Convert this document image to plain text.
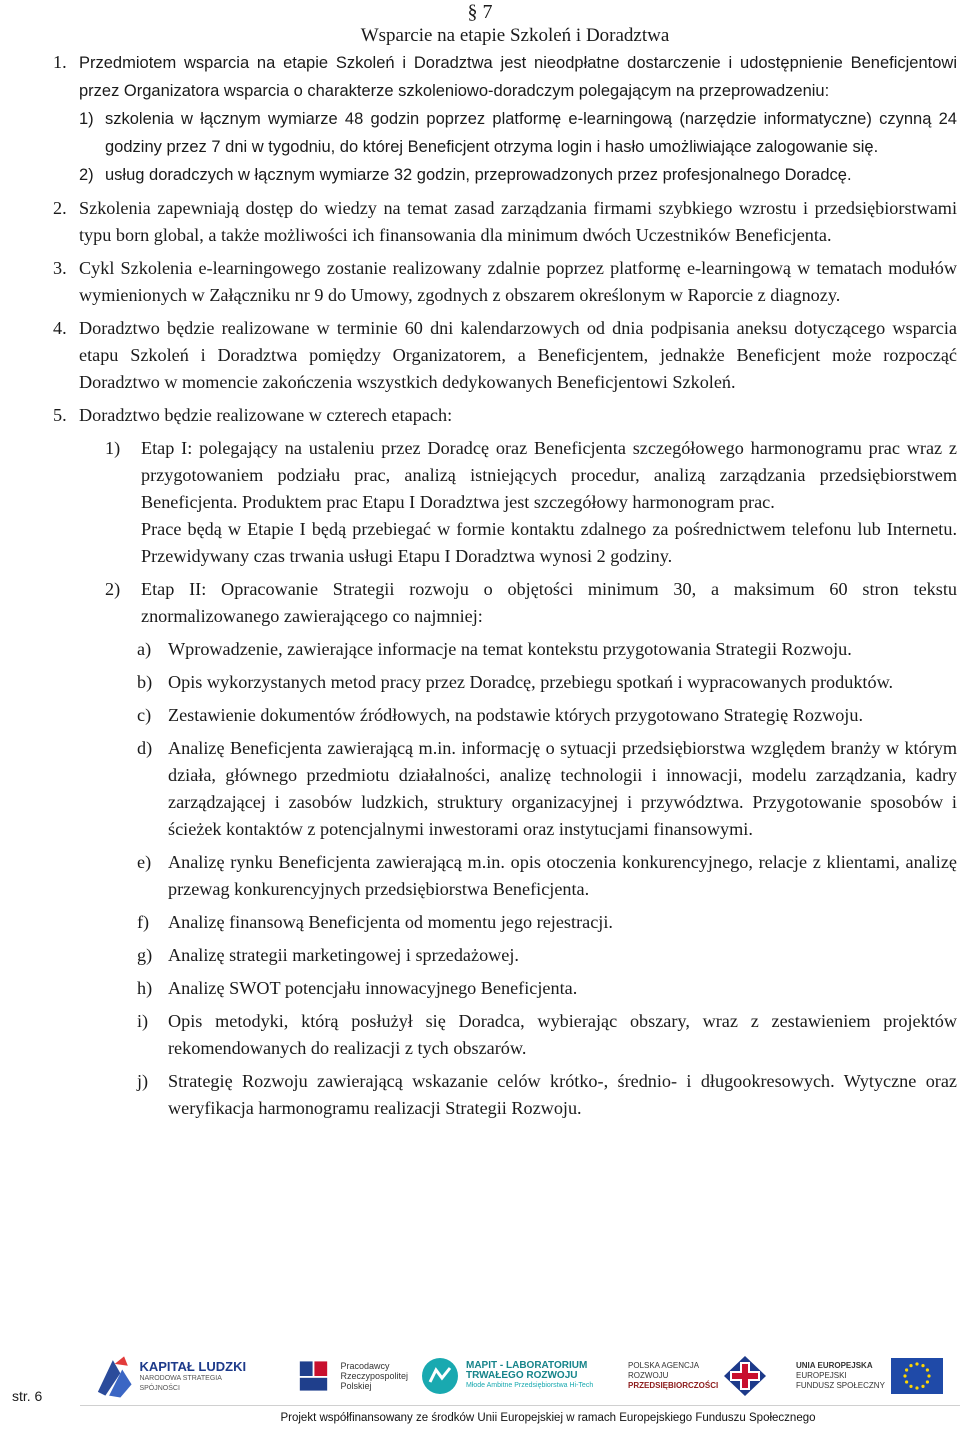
§ 7
Wsparcie na etapie Szkoleń i Doradztwa

1. Przedmiotem wsparcia na etapie Szkoleń i Doradztwa jest nieodpłatne dostarczenie i udostępnienie Beneficjentowi przez Organizatora wsparcia o charakterze szkoleniowo-doradczym polegającym na przeprowadzeniu:

1) szkolenia w łącznym wymiarze 48 godzin poprzez platformę e-learningową (narzędzie informatyczne) czynną 24 godziny przez 7 dni w tygodniu, do której Beneficjent otrzyma login i hasło umożliwiające zalogowanie się.

2) usług doradczych w łącznym wymiarze 32 godzin, przeprowadzonych przez profesjonalnego Doradcę.

2. Szkolenia zapewniają dostęp do wiedzy na temat zasad zarządzania firmami szybkiego wzrostu i przedsiębiorstwami typu born global, a także możliwości ich finansowania dla minimum dwóch Uczestników Beneficjenta.

3. Cykl Szkolenia e-learningowego zostanie realizowany zdalnie poprzez platformę e-learningową w tematach modułów wymienionych w Załączniku nr 9 do Umowy, zgodnych z obszarem określonym w Raporcie z diagnozy.

4. Doradztwo będzie realizowane w terminie 60 dni kalendarzowych od dnia podpisania aneksu dotyczącego wsparcia etapu Szkoleń i Doradztwa pomiędzy Organizatorem, a Beneficjentem, jednakże Beneficjent może rozpocząć Doradztwo w momencie zakończenia wszystkich dedykowanych Beneficjentowi Szkoleń.

5. Doradztwo będzie realizowane w czterech etapach:

1) Etap I: polegający na ustaleniu przez Doradcę oraz Beneficjenta szczegółowego harmonogramu prac wraz z przygotowaniem podziału prac, analizą istniejących procedur, analizą zarządzania przedsiębiorstwem Beneficjenta. Produktem prac Etapu I Doradztwa jest szczegółowy harmonogram prac.
Prace będą w Etapie I będą przebiegać w formie kontaktu zdalnego za pośrednictwem telefonu lub Internetu. Przewidywany czas trwania usługi Etapu I Doradztwa wynosi 2 godziny.

2) Etap II: Opracowanie Strategii rozwoju o objętości minimum 30, a maksimum 60 stron tekstu znormalizowanego zawierającego co najmniej:

a) Wprowadzenie, zawierające informacje na temat kontekstu przygotowania Strategii Rozwoju.

b) Opis wykorzystanych metod pracy przez Doradcę, przebiegu spotkań i wypracowanych produktów.

c) Zestawienie dokumentów źródłowych, na podstawie których przygotowano Strategię Rozwoju.

d) Analizę Beneficjenta zawierającą m.in. informację o sytuacji przedsiębiorstwa względem branży w którym działa, głównego przedmiotu działalności, analizę technologii i innowacji, modelu zarządzania, kadry zarządzającej i zasobów ludzkich, struktury organizacyjnej i przywództwa. Przygotowanie sposobów i ścieżek kontaktów z potencjalnymi inwestorami oraz instytucjami finansowymi.

e) Analizę rynku Beneficjenta zawierającą m.in. opis otoczenia konkurencyjnego, relacje z klientami, analizę przewag konkurencyjnych przedsiębiorstwa Beneficjenta.

f) Analizę finansową Beneficjenta od momentu jego rejestracji.

g) Analizę strategii marketingowej i sprzedażowej.

h) Analizę SWOT potencjału innowacyjnego Beneficjenta.

i) Opis metodyki, którą posłużył się Doradca, wybierając obszary, wraz z zestawieniem projektów rekomendowanych do realizacji z tych obszarów.

j) Strategię Rozwoju zawierającą wskazanie celów krótko-, średnio- i długookresowych. Wytyczne oraz weryfikacja harmonogramu realizacji Strategii Rozwoju.

str. 6
KAPITAŁ LUDZKI
NARODOWA STRATEGIA SPÓJNOŚCI
Pracodawcy
Rzeczypospolitej
Polskiej
MAPIT - LABORATORIUM
TRWAŁEGO ROZWOJU
Młode Ambitne Przedsiębiorstwa Hi-Tech
POLSKA AGENCJA
ROZWOJU
PRZEDSIĘBIORCZOŚCI
UNIA EUROPEJSKA
EUROPEJSKI
FUNDUSZ SPOŁECZNY
Projekt współfinansowany ze środków Unii Europejskiej w ramach Europejskiego Funduszu Społecznego
